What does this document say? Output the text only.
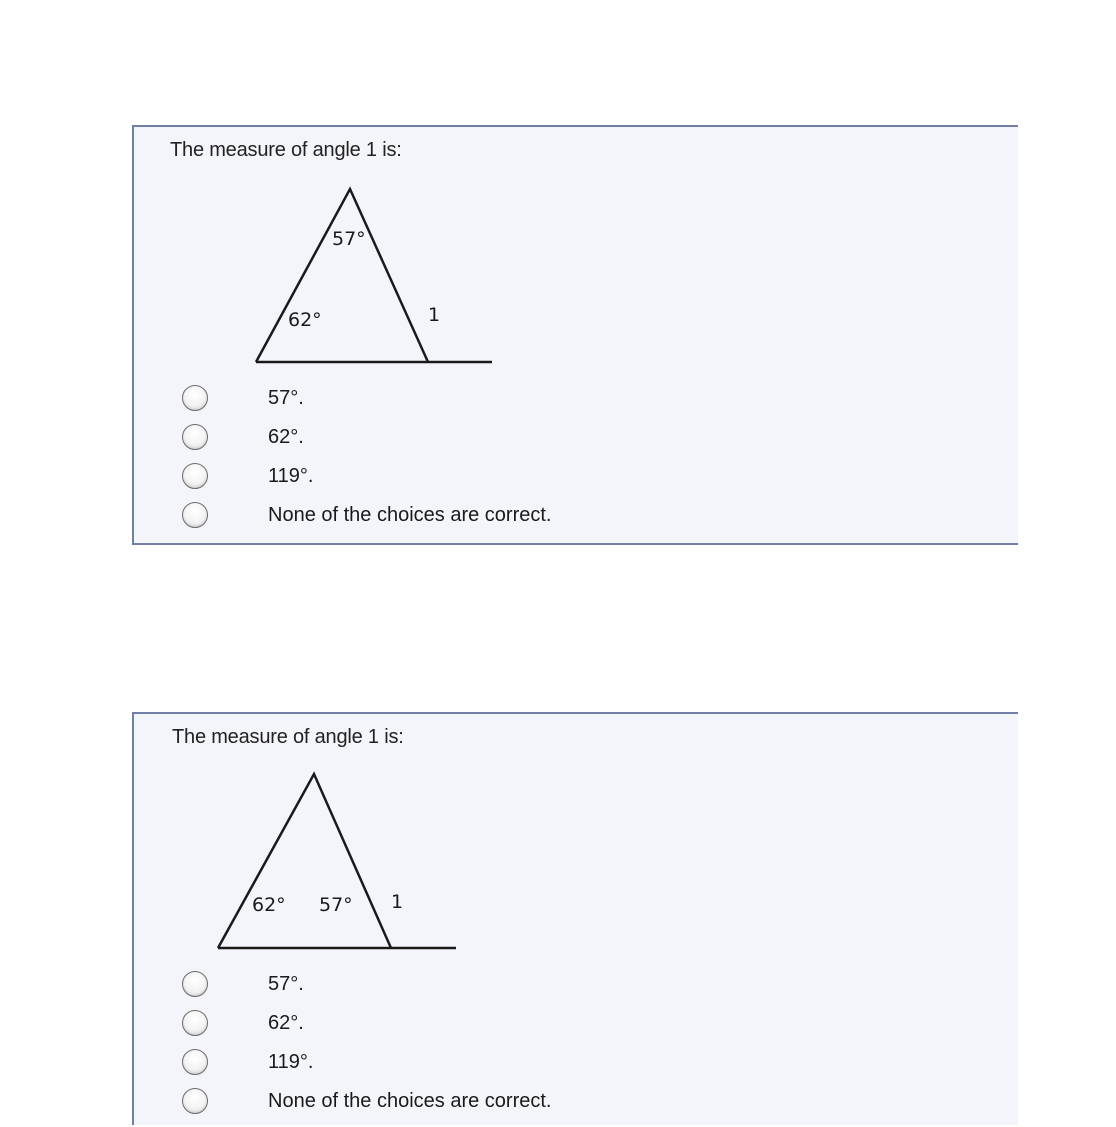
The measure of angle 1 is:
57°
62°	1
57°.
62°.
119°.
None of the choices are correct.
The measure of angle 1 is:
62° 57° 1
57°.
62°.
119°.
None of the choices are correct.
